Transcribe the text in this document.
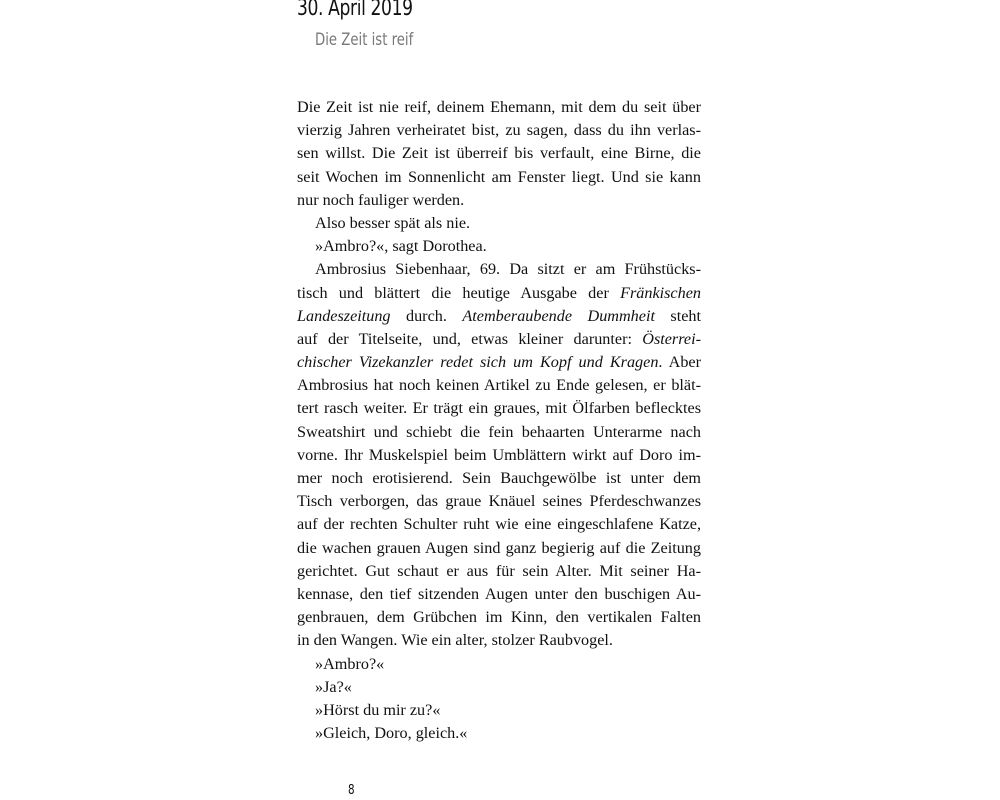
30. April 2019
Die Zeit ist reif
Die Zeit ist nie reif, deinem Ehemann, mit dem du seit über
vierzig Jahren verheiratet bist, zu sagen, dass du ihn verlas-
sen willst. Die Zeit ist überreif bis verfault, eine Birne, die
seit Wochen im Sonnenlicht am Fenster liegt. Und sie kann
nur noch fauliger werden.
Also besser spät als nie.
»Ambro?«, sagt Dorothea.
Ambrosius Siebenhaar, 69. Da sitzt er am Frühstücks-
tisch und blättert die heutige Ausgabe der Fränkischen
Landeszeitung durch. Atemberaubende Dummheit steht
auf der Titelseite, und, etwas kleiner darunter: Österrei-
chischer Vizekanzler redet sich um Kopf und Kragen. Aber
Ambrosius hat noch keinen Artikel zu Ende gelesen, er blät-
tert rasch weiter. Er trägt ein graues, mit Ölfarben beflecktes
Sweatshirt und schiebt die fein behaarten Unterarme nach
vorne. Ihr Muskelspiel beim Umblättern wirkt auf Doro im-
mer noch erotisierend. Sein Bauchgewölbe ist unter dem
Tisch verborgen, das graue Knäuel seines Pferdeschwanzes
auf der rechten Schulter ruht wie eine eingeschlafene Katze,
die wachen grauen Augen sind ganz begierig auf die Zeitung
gerichtet. Gut schaut er aus für sein Alter. Mit seiner Ha-
kennase, den tief sitzenden Augen unter den buschigen Au-
genbrauen, dem Grübchen im Kinn, den vertikalen Falten
in den Wangen. Wie ein alter, stolzer Raubvogel.
»Ambro?«
»Ja?«
»Hörst du mir zu?«
»Gleich, Doro, gleich.«
8
